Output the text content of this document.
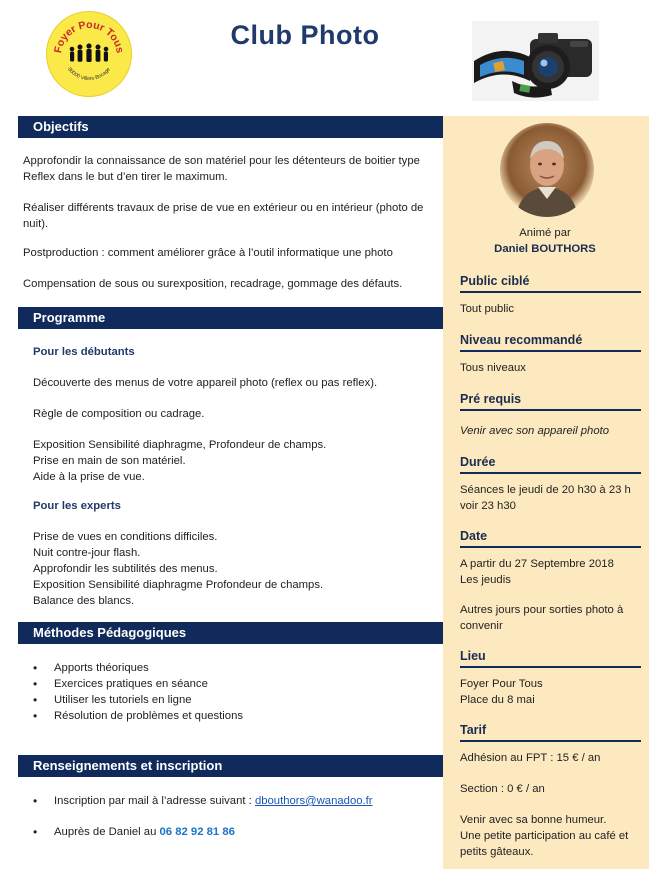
Foyer Pour Tous
80000 Villers-Bocage
Club Photo
Objectifs
Approfondir la connaissance de son matériel pour les détenteurs de boitier type
Reflex dans le but d’en tirer le maximum.
Réaliser différents travaux de prise de vue en extérieur ou en intérieur (photo de
nuit).
Postproduction : comment améliorer grâce à l’outil informatique une photo
Compensation de sous ou surexposition, recadrage, gommage des défauts.
Programme
Pour les débutants
Découverte des menus de votre appareil photo (reflex ou pas reflex).
Règle de composition ou cadrage.
Exposition Sensibilité diaphragme, Profondeur de champs.
Prise en main de son matériel.
Aide à la prise de vue.
Pour les experts
Prise de vues en conditions difficiles.
Nuit contre-jour flash.
Approfondir les subtilités des menus.
Exposition Sensibilité diaphragme Profondeur de champs.
Balance des blancs.
Méthodes Pédagogiques
• Apports théoriques
• Exercices pratiques en séance
• Utiliser les tutoriels en ligne
• Résolution de problèmes et questions
Renseignements et inscription
• Inscription par mail à l’adresse suivant : dbouthors@wanadoo.fr
• Auprès de Daniel au 06 82 92 81 86
Animé par
Daniel BOUTHORS
Public ciblé
Tout public
Niveau recommandé
Tous niveaux
Pré requis
Venir avec son appareil photo
Durée
Séances le jeudi de 20 h30 à 23 h
voir 23 h30
Date
A partir du 27 Septembre 2018
Les jeudis
Autres jours pour sorties photo à
convenir
Lieu
Foyer Pour Tous
Place du 8 mai
Tarif
Adhésion au FPT : 15 € / an
Section : 0 € / an
Venir avec sa bonne humeur.
Une petite participation au café et
petits gâteaux.
